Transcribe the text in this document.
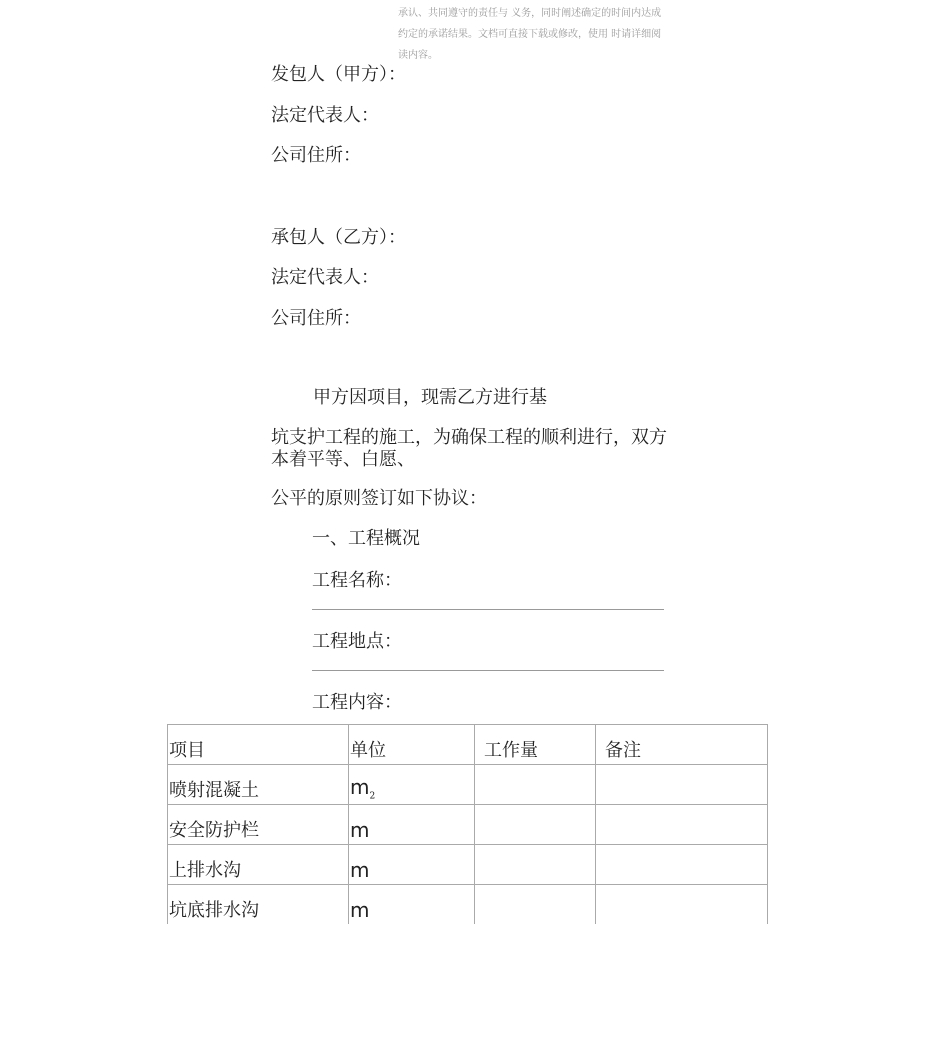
承认、共同遵守的责任与 义务，同时阐述确定的时间内达成约定的承诺结果。文档可直接下载或修改，使用 时请详细阅读内容。
发包人（甲方）：
法定代表人：
公司住所：
承包人（乙方）：
法定代表人：
公司住所：
甲方因项目，现需乙方进行基
坑支护工程的施工，为确保工程的顺利进行，双方本着平等、白愿、
公平的原则签订如下协议：
一、工程概况
工程名称：
工程地点：
工程内容：
项目	单位	工作量	备注
喷射混凝土	$m_2$		
安全防护栏	m		
上排水沟	m		
坑底排水沟	m		
